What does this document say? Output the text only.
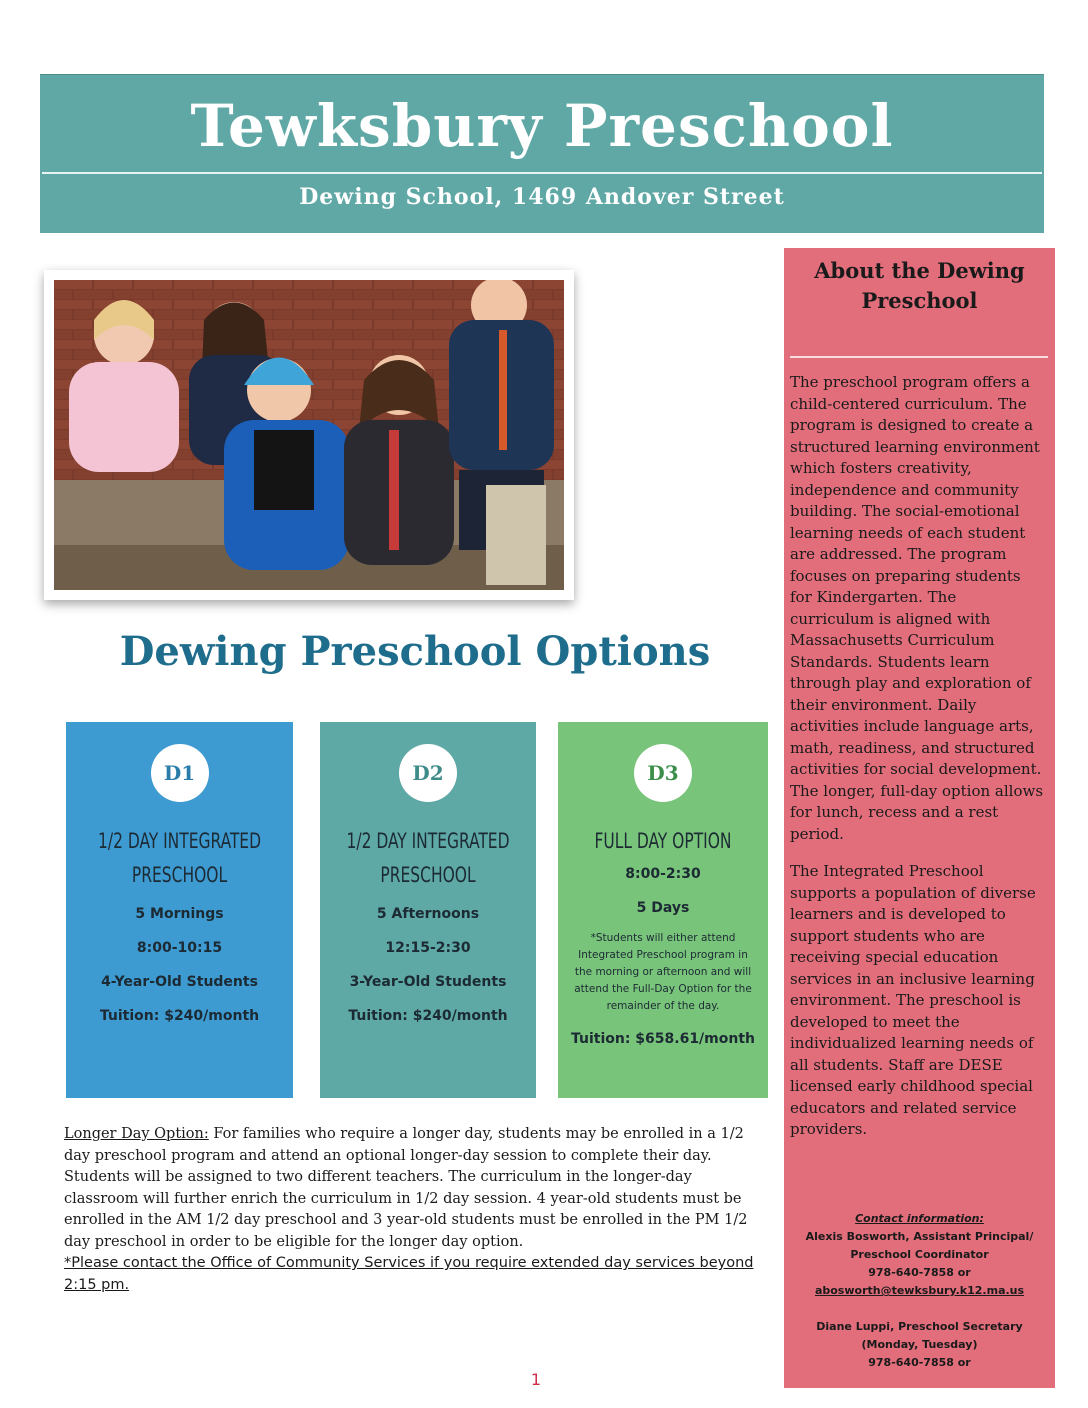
Tewksbury Preschool
Dewing School, 1469 Andover Street
Dewing Preschool Options
D1
1/2 DAY INTEGRATED
PRESCHOOL
5 Mornings
8:00-10:15
4-Year-Old Students
Tuition: $240/month
D2
1/2 DAY INTEGRATED
PRESCHOOL
5 Afternoons
12:15-2:30
3-Year-Old Students
Tuition: $240/month
D3
FULL DAY OPTION
8:00-2:30
5 Days
*Students will either attend Integrated Preschool program in the morning or afternoon and will attend the Full-Day Option for the remainder of the day.
Tuition: $658.61/month
Longer Day Option: For families who require a longer day, students may be enrolled in a 1/2 day preschool program and attend an optional longer-day session to complete their day. Students will be assigned to two different teachers. The curriculum in the longer-day classroom will further enrich the curriculum in 1/2 day session. 4 year-old students must be enrolled in the AM 1/2 day preschool and 3 year-old students must be enrolled in the PM 1/2 day preschool in order to be eligible for the longer day option.
*Please contact the Office of Community Services if you require extended day services beyond 2:15 pm.
About the Dewing
Preschool

The preschool program offers a child-centered curriculum. The program is designed to create a structured learning environment which fosters creativity, independence and community building. The social-emotional learning needs of each student are addressed. The program focuses on preparing students for Kindergarten. The curriculum is aligned with Massachusetts Curriculum Standards. Students learn through play and exploration of their environment. Daily activities include language arts, math, readiness, and structured activities for social development. The longer, full-day option allows for lunch, recess and a rest period.

The Integrated Preschool supports a population of diverse learners and is developed to support students who are receiving special education services in an inclusive learning environment. The preschool is developed to meet the individualized learning needs of all students. Staff are DESE licensed early childhood special educators and related service providers.

Contact information:
Alexis Bosworth, Assistant Principal/
Preschool Coordinator
978-640-7858 or
abosworth@tewksbury.k12.ma.us
Diane Luppi, Preschool Secretary
(Monday, Tuesday)
978-640-7858 or
1
